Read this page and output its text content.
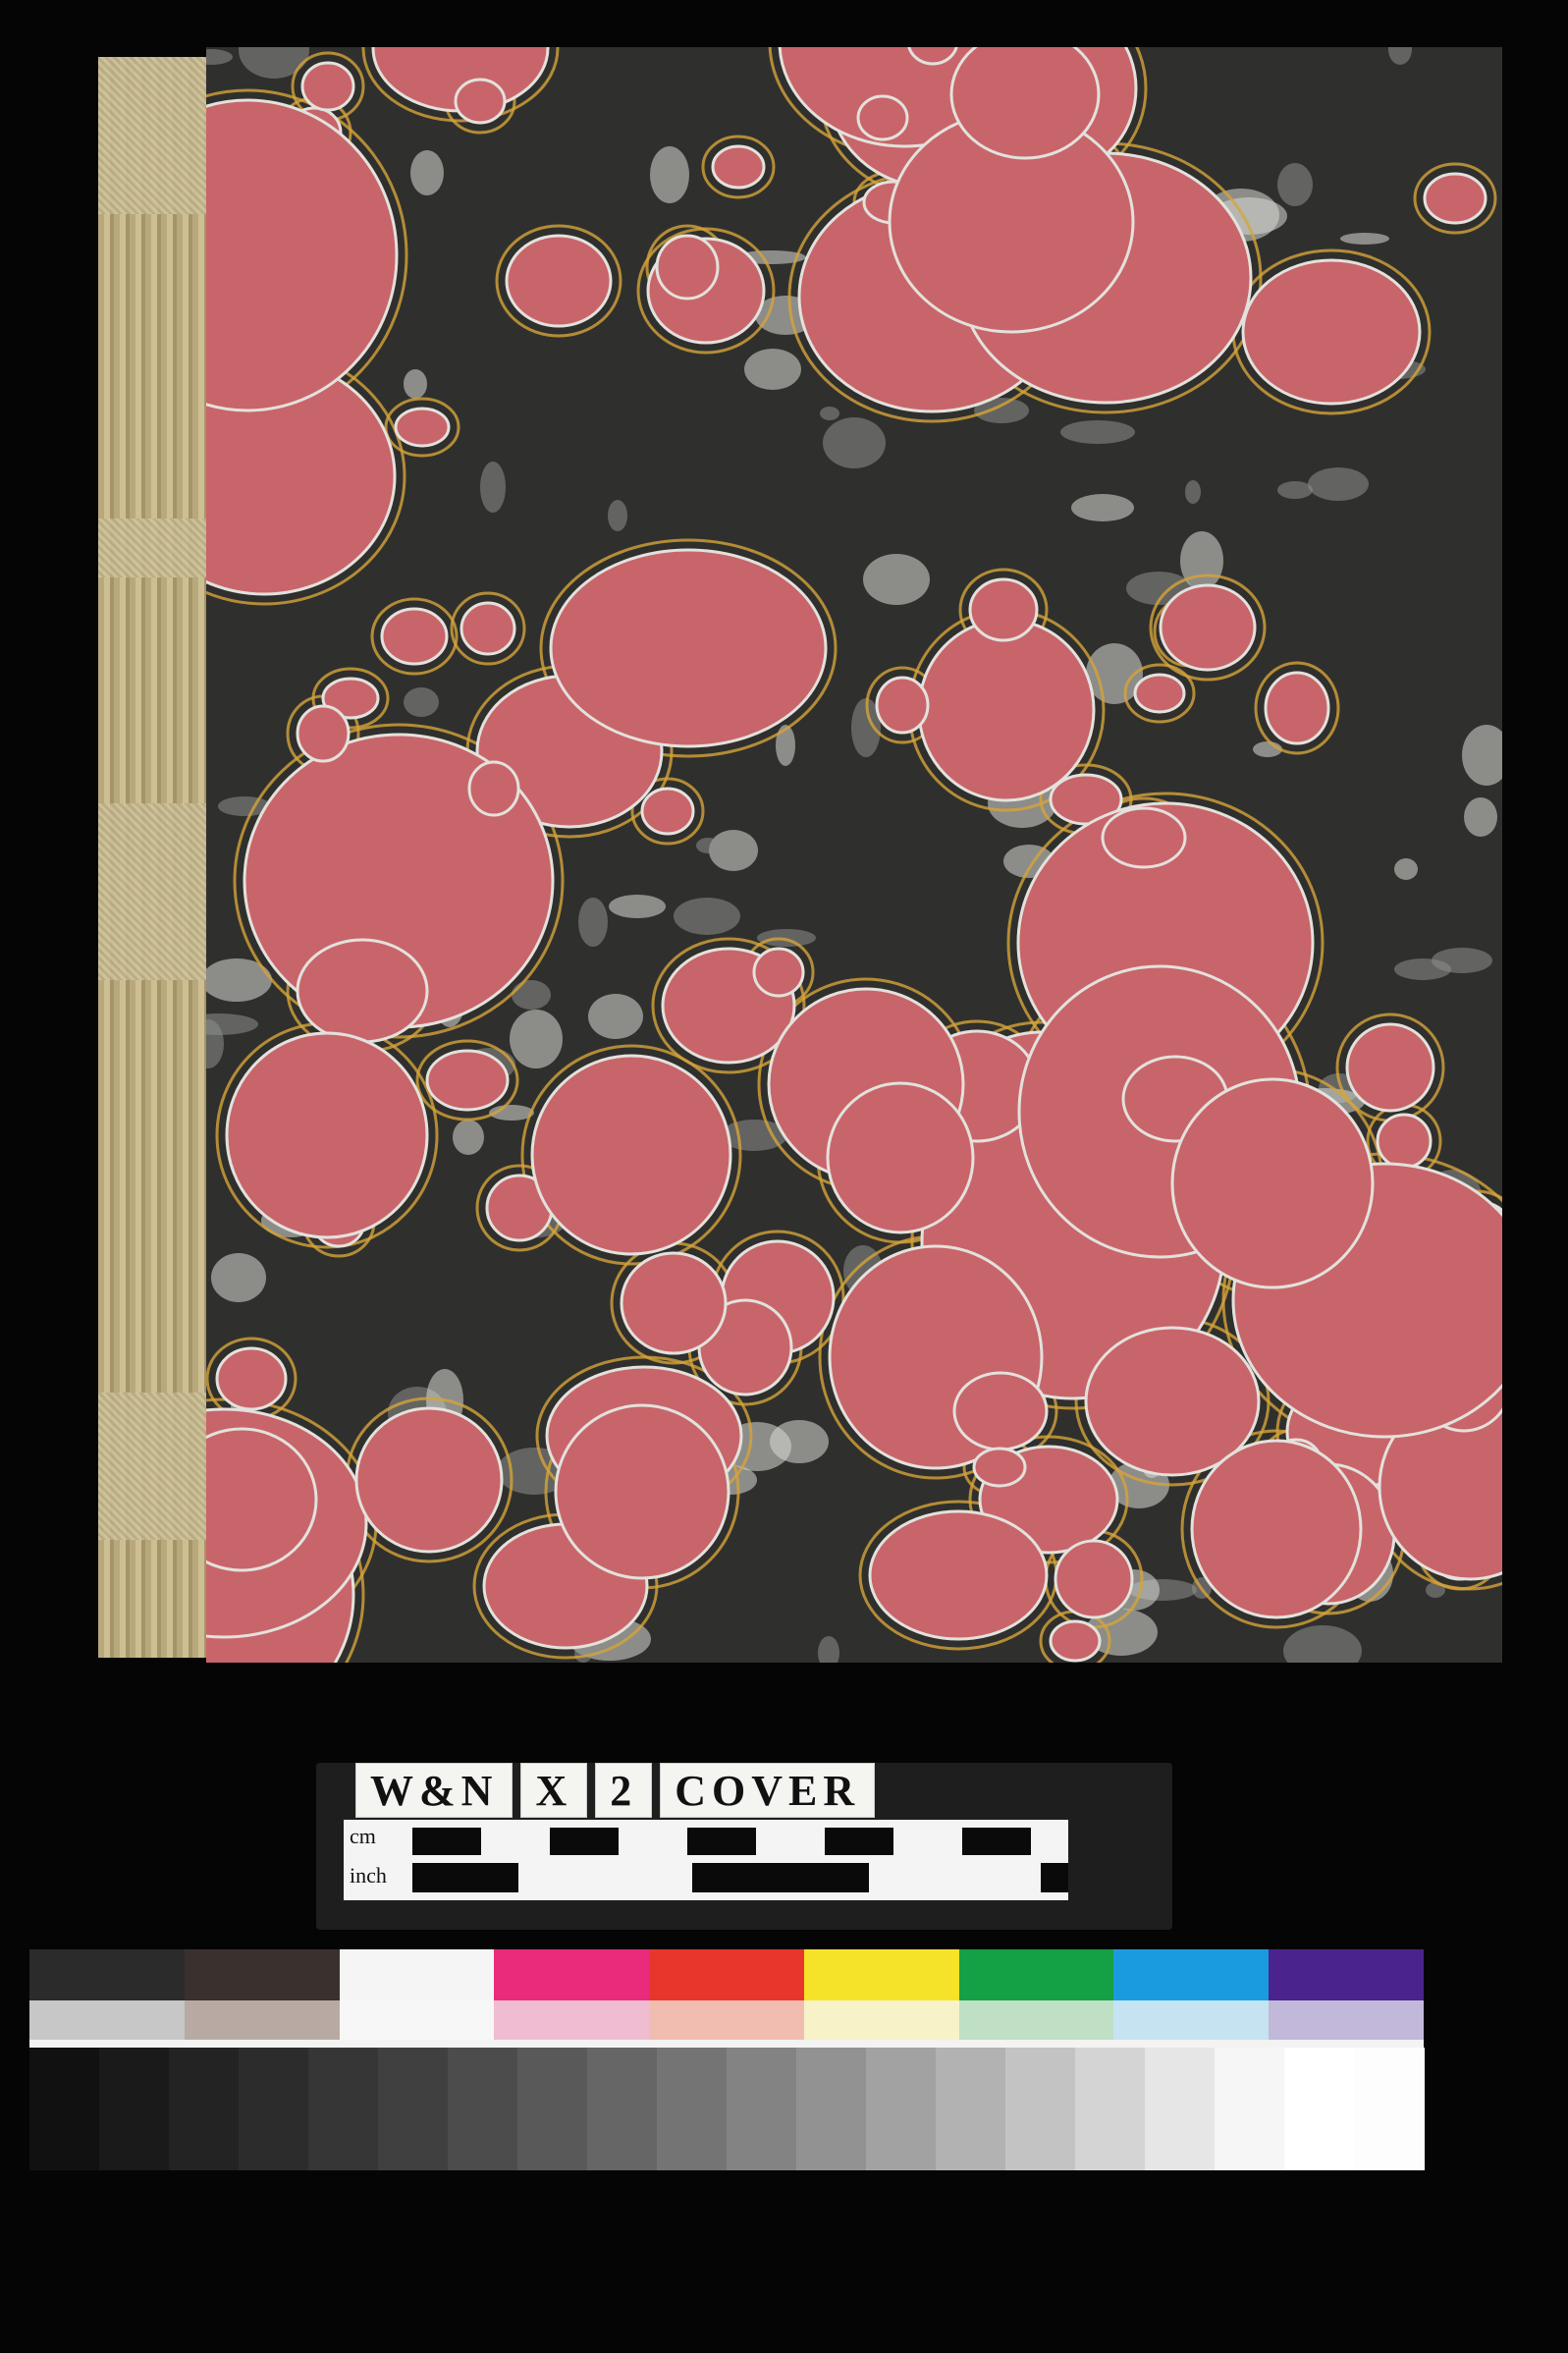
W&N X 2 COVER
cm
inch
